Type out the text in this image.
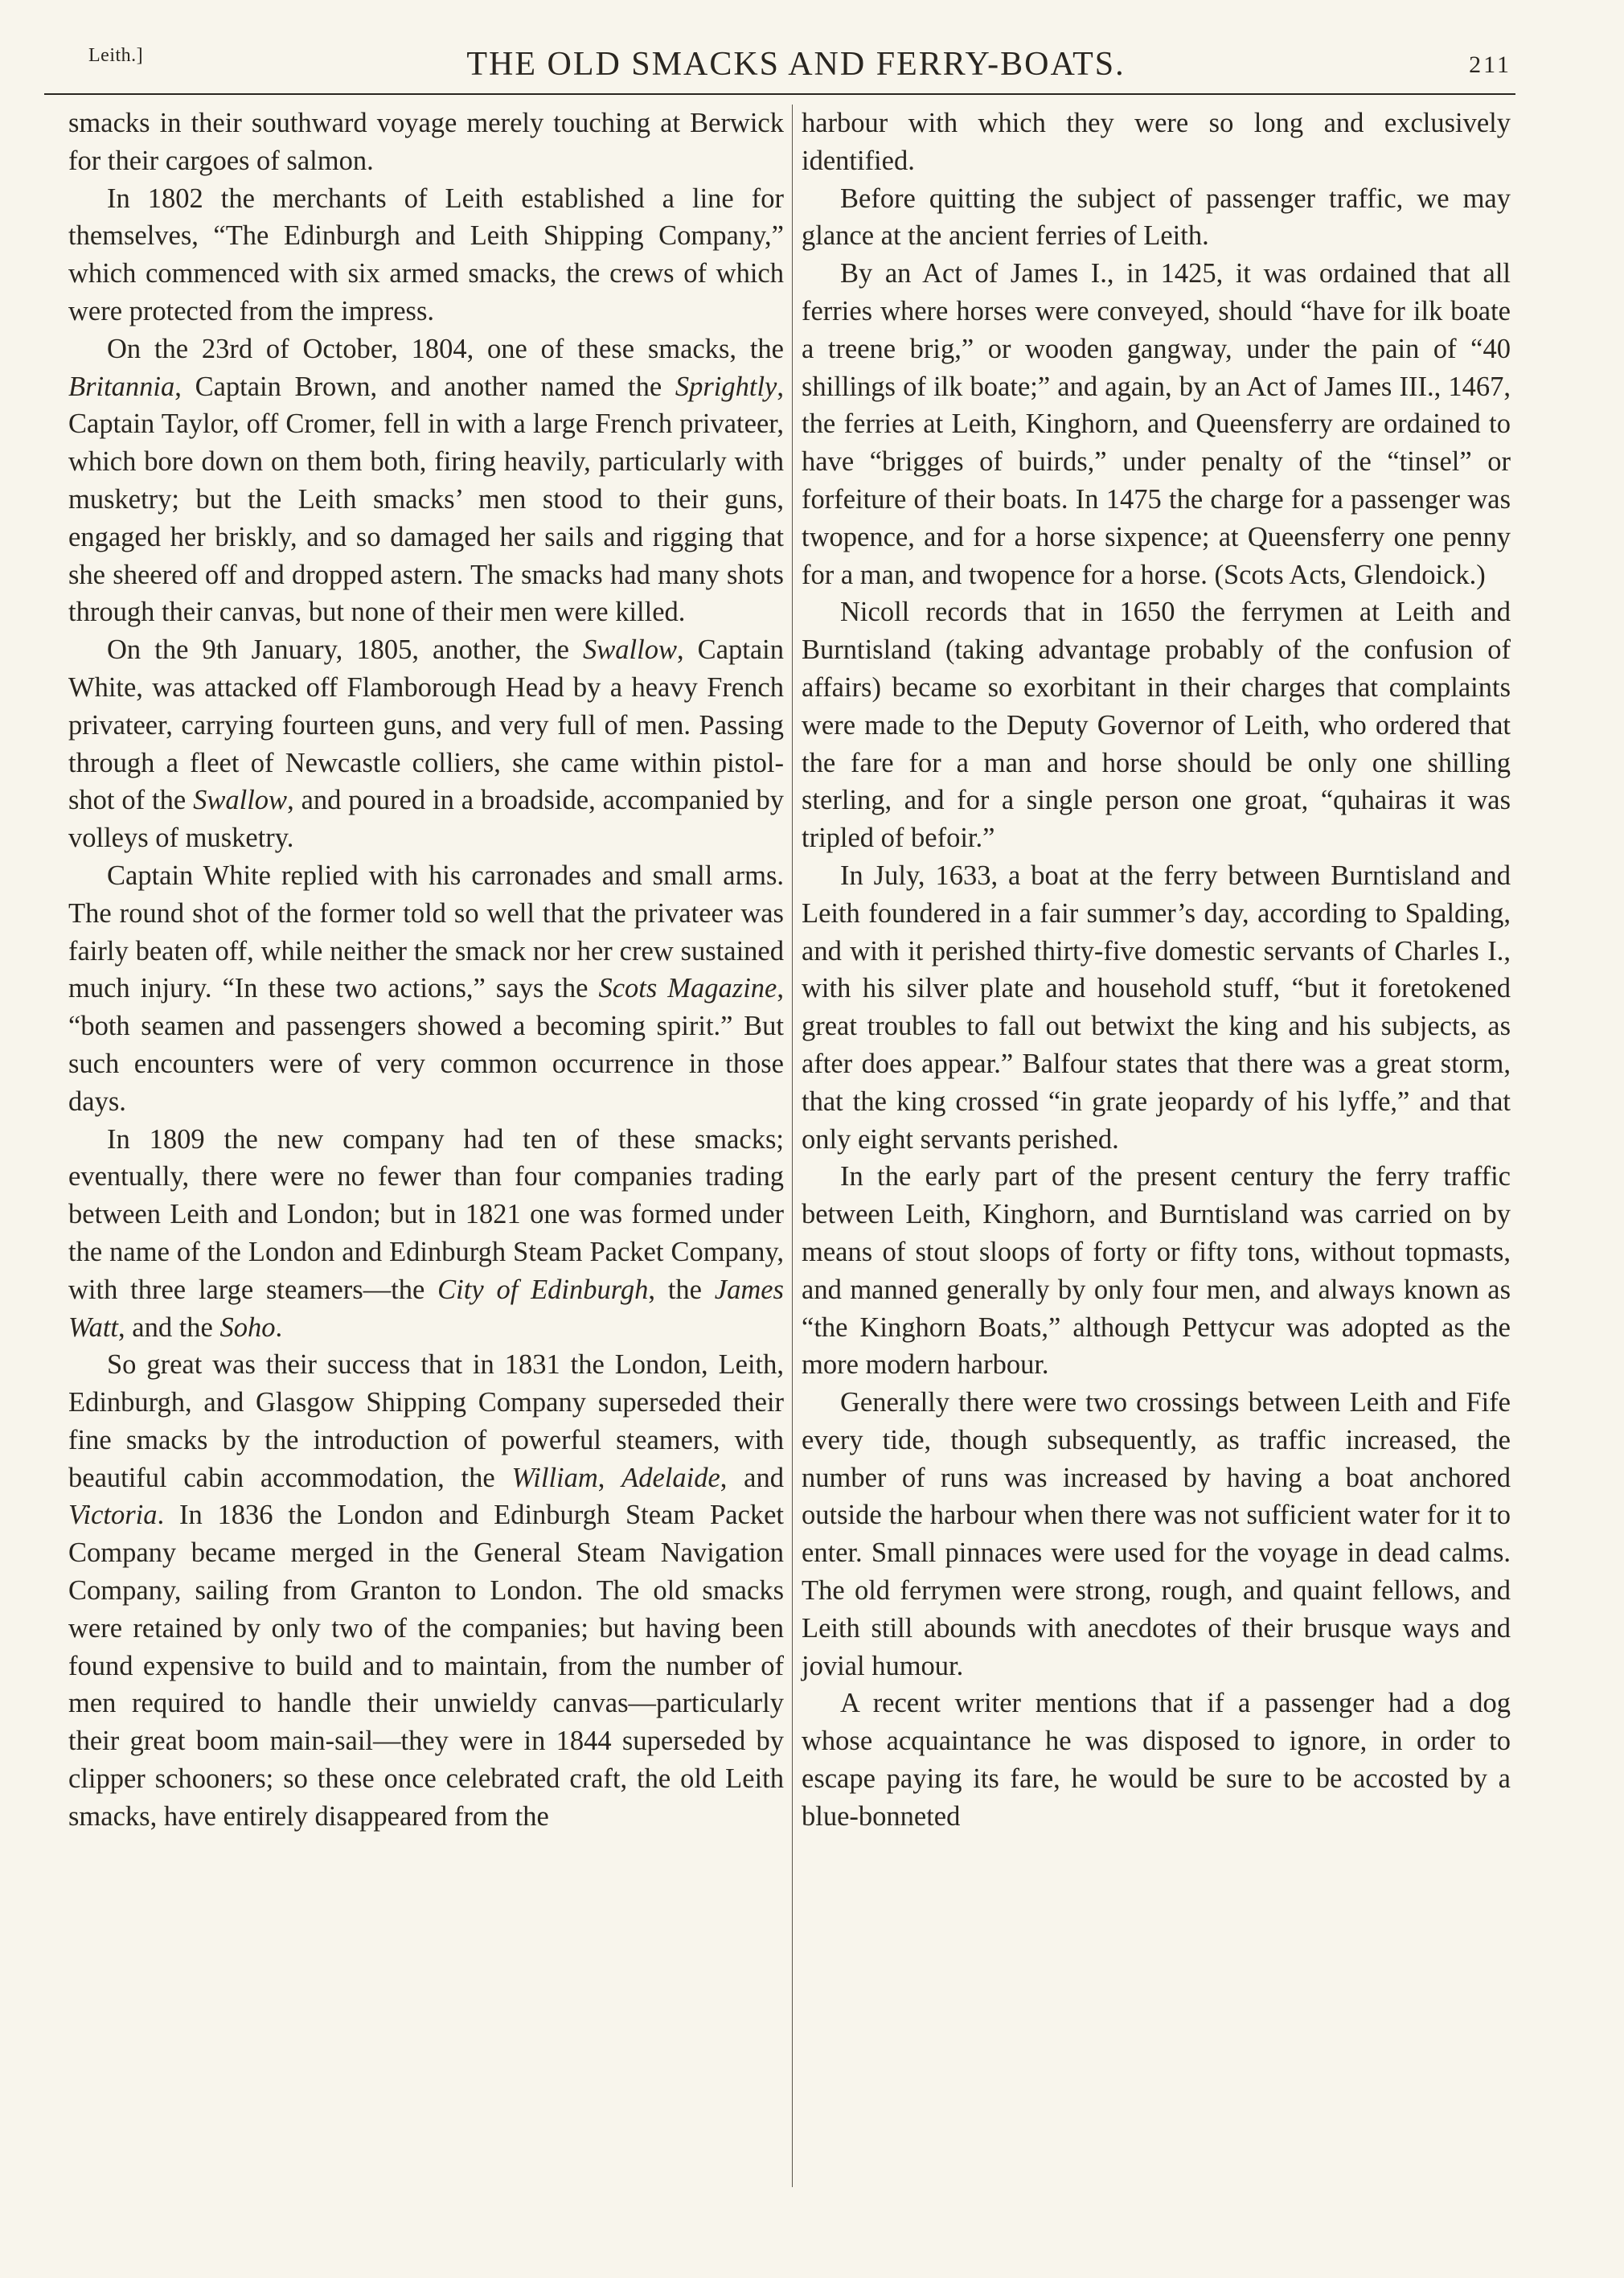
Leith.]	THE OLD SMACKS AND FERRY-BOATS.	211

smacks in their southward voyage merely touching at Berwick for their cargoes of salmon.

In 1802 the merchants of Leith established a line for themselves, “The Edinburgh and Leith Shipping Company,” which commenced with six armed smacks, the crews of which were protected from the impress.

On the 23rd of October, 1804, one of these smacks, the Britannia, Captain Brown, and another named the Sprightly, Captain Taylor, off Cromer, fell in with a large French privateer, which bore down on them both, firing heavily, particularly with musketry; but the Leith smacks’ men stood to their guns, engaged her briskly, and so damaged her sails and rigging that she sheered off and dropped astern. The smacks had many shots through their canvas, but none of their men were killed.

On the 9th January, 1805, another, the Swallow, Captain White, was attacked off Flamborough Head by a heavy French privateer, carrying fourteen guns, and very full of men. Passing through a fleet of Newcastle colliers, she came within pistol-shot of the Swallow, and poured in a broadside, accompanied by volleys of musketry.

Captain White replied with his carronades and small arms. The round shot of the former told so well that the privateer was fairly beaten off, while neither the smack nor her crew sustained much injury. “In these two actions,” says the Scots Magazine, “both seamen and passengers showed a becoming spirit.” But such encounters were of very common occurrence in those days.

In 1809 the new company had ten of these smacks; eventually, there were no fewer than four companies trading between Leith and London; but in 1821 one was formed under the name of the London and Edinburgh Steam Packet Company, with three large steamers—the City of Edinburgh, the James Watt, and the Soho.

So great was their success that in 1831 the London, Leith, Edinburgh, and Glasgow Shipping Company superseded their fine smacks by the introduction of powerful steamers, with beautiful cabin accommodation, the William, Adelaide, and Victoria. In 1836 the London and Edinburgh Steam Packet Company became merged in the General Steam Navigation Company, sailing from Granton to London. The old smacks were retained by only two of the companies; but having been found expensive to build and to maintain, from the number of men required to handle their unwieldy canvas—particularly their great boom main-sail—they were in 1844 superseded by clipper schooners; so these once celebrated craft, the old Leith smacks, have entirely disappeared from the

harbour with which they were so long and exclusively identified.

Before quitting the subject of passenger traffic, we may glance at the ancient ferries of Leith.

By an Act of James I., in 1425, it was ordained that all ferries where horses were conveyed, should “have for ilk boate a treene brig,” or wooden gangway, under the pain of “40 shillings of ilk boate;” and again, by an Act of James III., 1467, the ferries at Leith, Kinghorn, and Queensferry are ordained to have “brigges of buirds,” under penalty of the “tinsel” or forfeiture of their boats. In 1475 the charge for a passenger was twopence, and for a horse sixpence; at Queensferry one penny for a man, and twopence for a horse. (Scots Acts, Glendoick.)

Nicoll records that in 1650 the ferrymen at Leith and Burntisland (taking advantage probably of the confusion of affairs) became so exorbitant in their charges that complaints were made to the Deputy Governor of Leith, who ordered that the fare for a man and horse should be only one shilling sterling, and for a single person one groat, “quhairas it was tripled of befoir.”

In July, 1633, a boat at the ferry between Burntisland and Leith foundered in a fair summer’s day, according to Spalding, and with it perished thirty-five domestic servants of Charles I., with his silver plate and household stuff, “but it foretokened great troubles to fall out betwixt the king and his subjects, as after does appear.” Balfour states that there was a great storm, that the king crossed “in grate jeopardy of his lyffe,” and that only eight servants perished.

In the early part of the present century the ferry traffic between Leith, Kinghorn, and Burntisland was carried on by means of stout sloops of forty or fifty tons, without topmasts, and manned generally by only four men, and always known as “the Kinghorn Boats,” although Pettycur was adopted as the more modern harbour.

Generally there were two crossings between Leith and Fife every tide, though subsequently, as traffic increased, the number of runs was increased by having a boat anchored outside the harbour when there was not sufficient water for it to enter. Small pinnaces were used for the voyage in dead calms. The old ferrymen were strong, rough, and quaint fellows, and Leith still abounds with anecdotes of their brusque ways and jovial humour.

A recent writer mentions that if a passenger had a dog whose acquaintance he was disposed to ignore, in order to escape paying its fare, he would be sure to be accosted by a blue-bonneted
